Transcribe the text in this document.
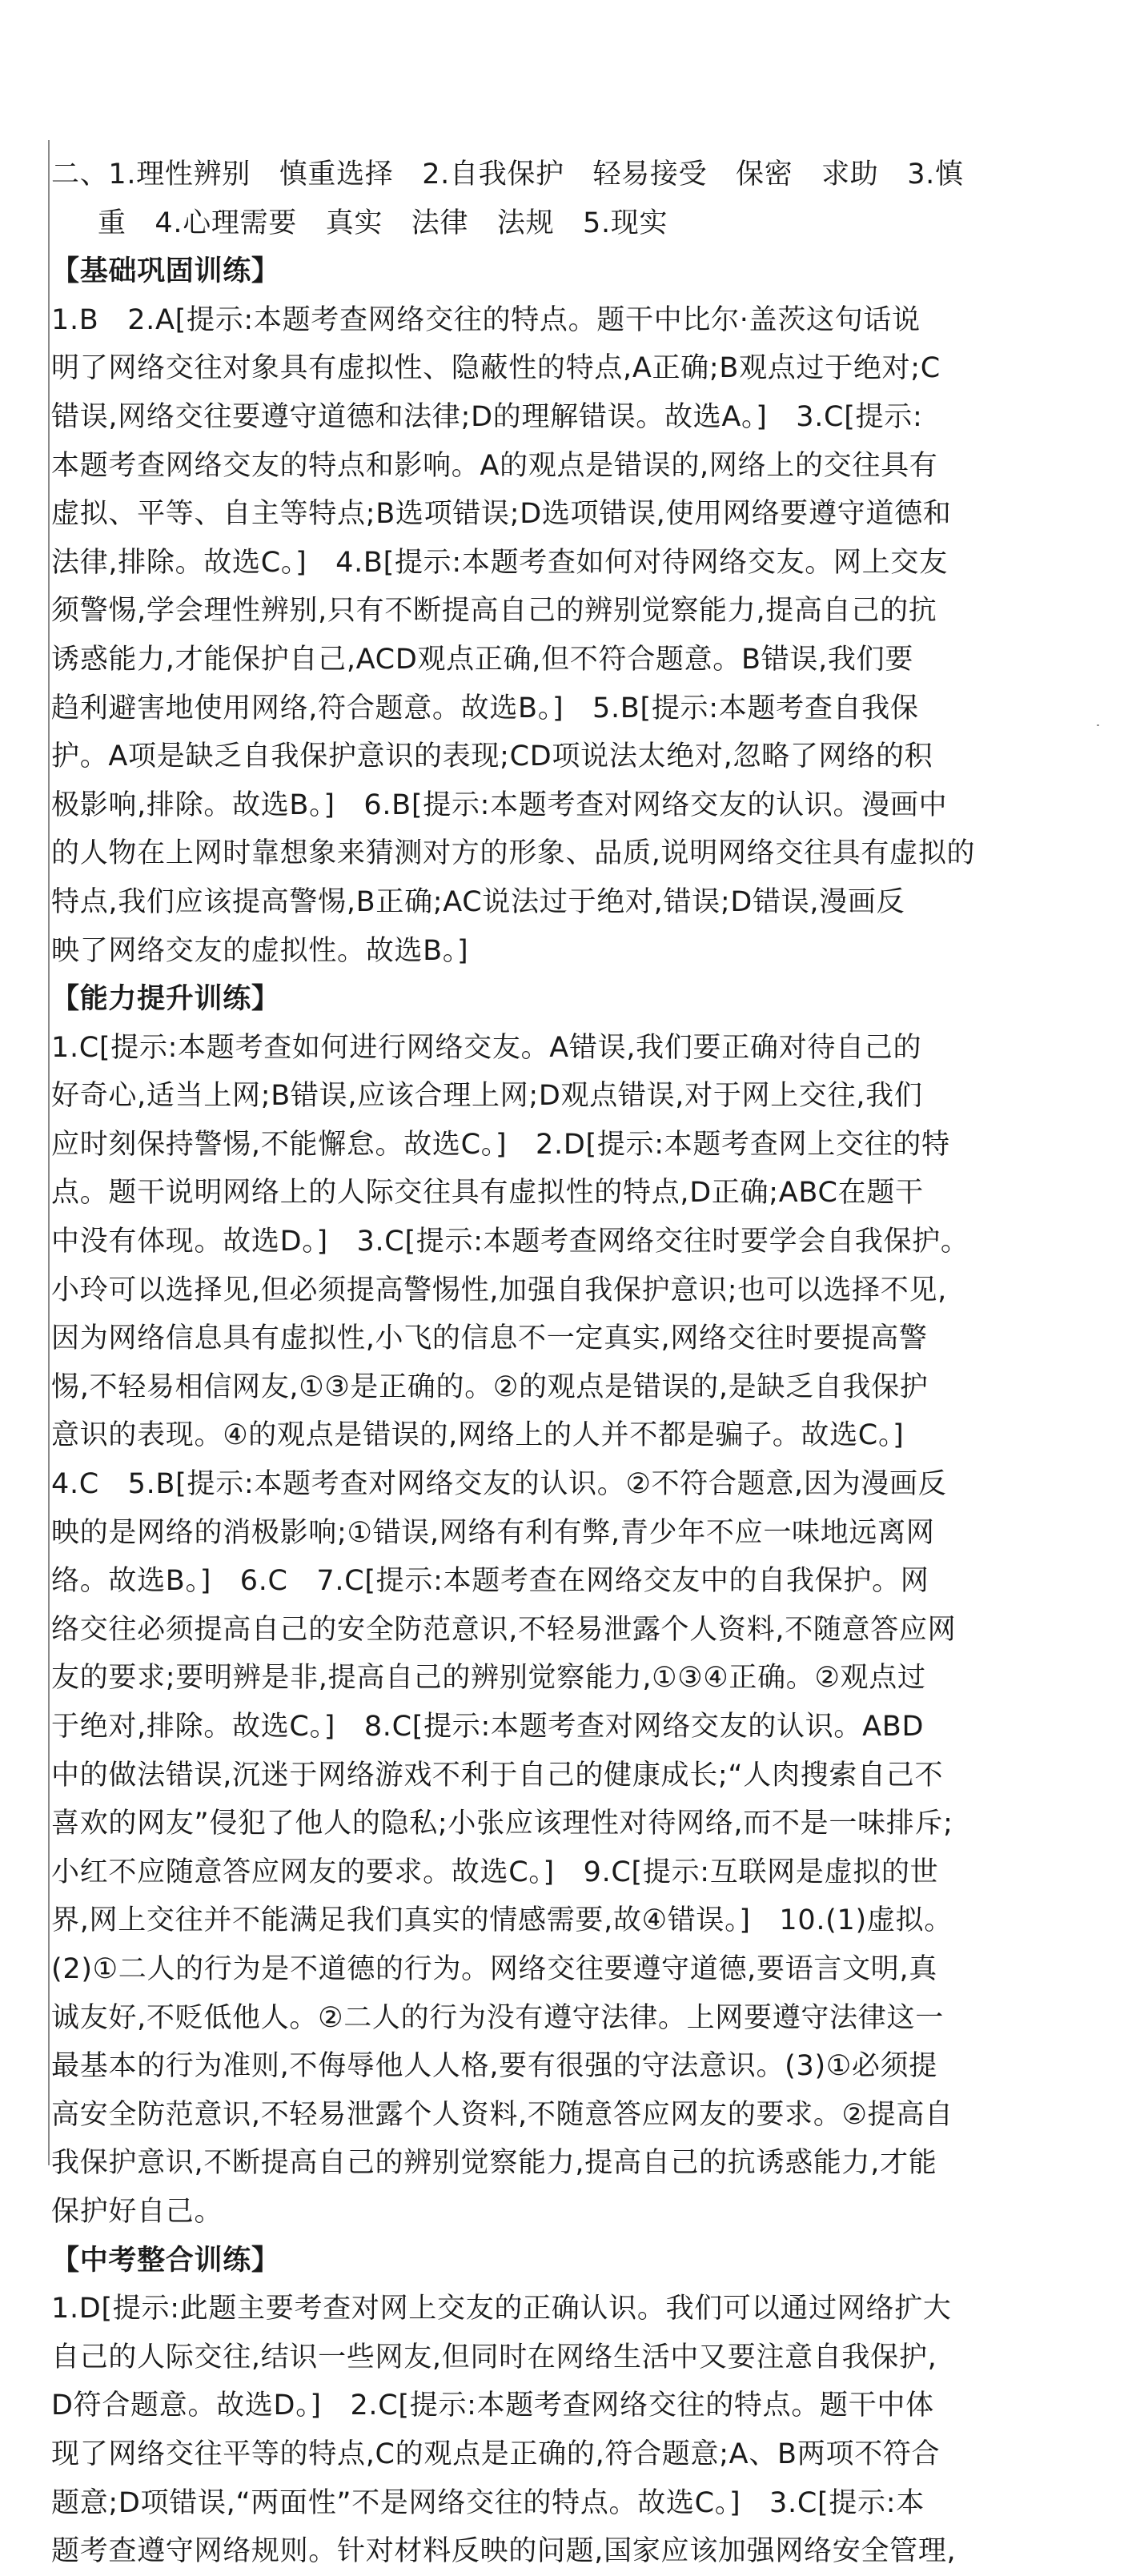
二、1.理性辨别　慎重选择　2.自我保护　轻易接受　保密　求助　3.慎
重　4.心理需要　真实　法律　法规　5.现实
【基础巩固训练】
1.B　2.A[提示:本题考查网络交往的特点。题干中比尔·盖茨这句话说
明了网络交往对象具有虚拟性、隐蔽性的特点,A正确;B观点过于绝对;C
错误,网络交往要遵守道德和法律;D的理解错误。故选A。]　3.C[提示:
本题考查网络交友的特点和影响。A的观点是错误的,网络上的交往具有
虚拟、平等、自主等特点;B选项错误;D选项错误,使用网络要遵守道德和
法律,排除。故选C。]　4.B[提示:本题考查如何对待网络交友。网上交友
须警惕,学会理性辨别,只有不断提高自己的辨别觉察能力,提高自己的抗
诱惑能力,才能保护自己,ACD观点正确,但不符合题意。B错误,我们要
趋利避害地使用网络,符合题意。故选B。]　5.B[提示:本题考查自我保
护。A项是缺乏自我保护意识的表现;CD项说法太绝对,忽略了网络的积
极影响,排除。故选B。]　6.B[提示:本题考查对网络交友的认识。漫画中
的人物在上网时靠想象来猜测对方的形象、品质,说明网络交往具有虚拟的
特点,我们应该提高警惕,B正确;AC说法过于绝对,错误;D错误,漫画反
映了网络交友的虚拟性。故选B。]
【能力提升训练】
1.C[提示:本题考查如何进行网络交友。A错误,我们要正确对待自己的
好奇心,适当上网;B错误,应该合理上网;D观点错误,对于网上交往,我们
应时刻保持警惕,不能懈怠。故选C。]　2.D[提示:本题考查网上交往的特
点。题干说明网络上的人际交往具有虚拟性的特点,D正确;ABC在题干
中没有体现。故选D。]　3.C[提示:本题考查网络交往时要学会自我保护。
小玲可以选择见,但必须提高警惕性,加强自我保护意识;也可以选择不见,
因为网络信息具有虚拟性,小飞的信息不一定真实,网络交往时要提高警
惕,不轻易相信网友,①③是正确的。②的观点是错误的,是缺乏自我保护
意识的表现。④的观点是错误的,网络上的人并不都是骗子。故选C。]
4.C　5.B[提示:本题考查对网络交友的认识。②不符合题意,因为漫画反
映的是网络的消极影响;①错误,网络有利有弊,青少年不应一味地远离网
络。故选B。]　6.C　7.C[提示:本题考查在网络交友中的自我保护。网
络交往必须提高自己的安全防范意识,不轻易泄露个人资料,不随意答应网
友的要求;要明辨是非,提高自己的辨别觉察能力,①③④正确。②观点过
于绝对,排除。故选C。]　8.C[提示:本题考查对网络交友的认识。ABD
中的做法错误,沉迷于网络游戏不利于自己的健康成长;“人肉搜索自己不
喜欢的网友”侵犯了他人的隐私;小张应该理性对待网络,而不是一味排斥;
小红不应随意答应网友的要求。故选C。]　9.C[提示:互联网是虚拟的世
界,网上交往并不能满足我们真实的情感需要,故④错误。]　10.(1)虚拟。
(2)①二人的行为是不道德的行为。网络交往要遵守道德,要语言文明,真
诚友好,不贬低他人。②二人的行为没有遵守法律。上网要遵守法律这一
最基本的行为准则,不侮辱他人人格,要有很强的守法意识。(3)①必须提
高安全防范意识,不轻易泄露个人资料,不随意答应网友的要求。②提高自
我保护意识,不断提高自己的辨别觉察能力,提高自己的抗诱惑能力,才能
保护好自己。
【中考整合训练】
1.D[提示:此题主要考查对网上交友的正确认识。我们可以通过网络扩大
自己的人际交往,结识一些网友,但同时在网络生活中又要注意自我保护,
D符合题意。故选D。]　2.C[提示:本题考查网络交往的特点。题干中体
现了网络交往平等的特点,C的观点是正确的,符合题意;A、B两项不符合
题意;D项错误,“两面性”不是网络交往的特点。故选C。]　3.C[提示:本
题考查遵守网络规则。针对材料反映的问题,国家应该加强网络安全管理,
